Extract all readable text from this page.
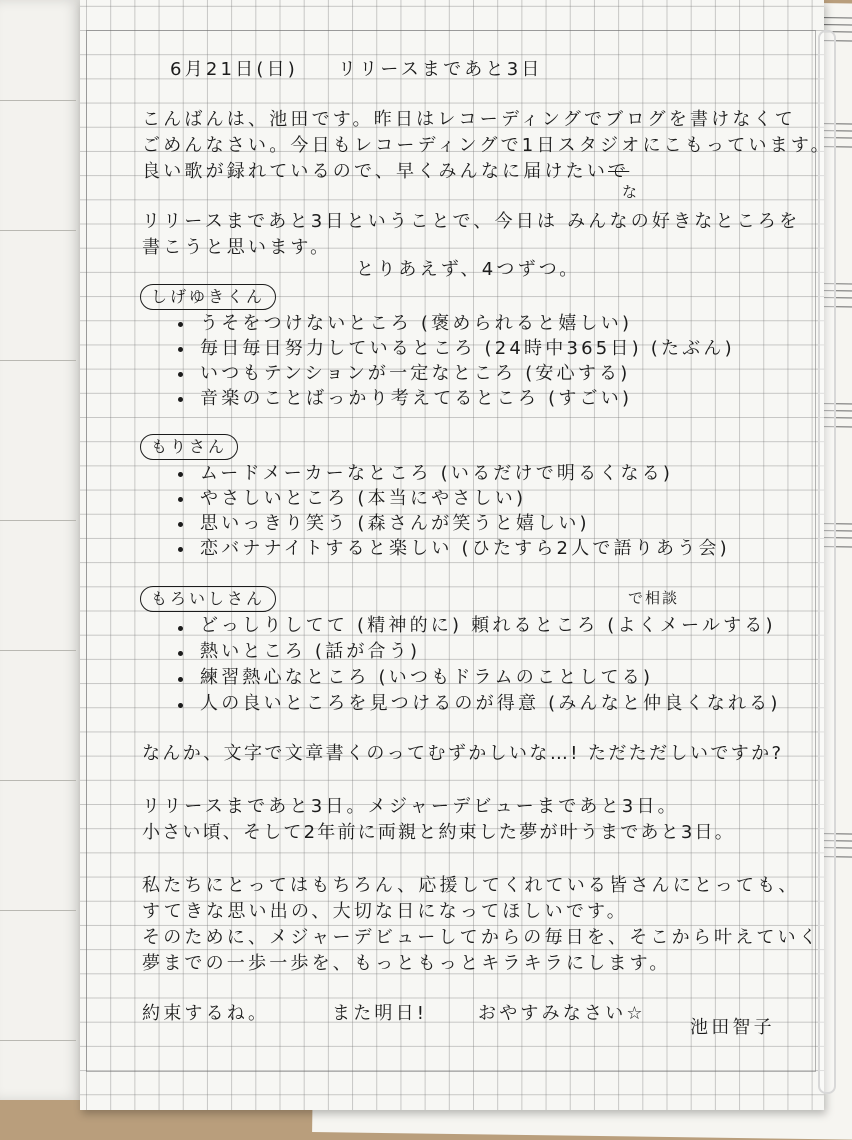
6月21日(日) リリースまであと3日
こんばんは、池田です。昨日はレコーディングでブログを書けなくて
ごめんなさい。今日もレコーディングで1日スタジオにこもっています。
良い歌が録れているので、早くみんなに届けたいで
な
リリースまであと3日ということで、今日は みんなの好きなところを
書こうと思います。
とりあえず、4つずつ。
しげゆきくん
うそをつけないところ (褒められると嬉しい)
毎日毎日努力しているところ (24時中365日) (たぶん)
いつもテンションが一定なところ (安心する)
音楽のことばっかり考えてるところ (すごい)
もりさん
ムードメーカーなところ (いるだけで明るくなる)
やさしいところ (本当にやさしい)
思いっきり笑う (森さんが笑うと嬉しい)
恋バナナイトすると楽しい (ひたすら2人で語りあう会)
もろいしさん	で相談
どっしりしてて (精神的に) 頼れるところ (よくメールする)
熱いところ (話が合う)
練習熱心なところ (いつもドラムのことしてる)
人の良いところを見つけるのが得意 (みんなと仲良くなれる)
なんか、文字で文章書くのってむずかしいな…! ただただしいですか?
リリースまであと3日。メジャーデビューまであと3日。
小さい頃、そして2年前に両親と約束した夢が叶うまであと3日。
私たちにとってはもちろん、応援してくれている皆さんにとっても、
すてきな思い出の、大切な日になってほしいです。
そのために、メジャーデビューしてからの毎日を、そこから叶えていく
夢までの一歩一歩を、もっともっとキラキラにします。
約束するね。	また明日!	おやすみなさい☆
池田智子
